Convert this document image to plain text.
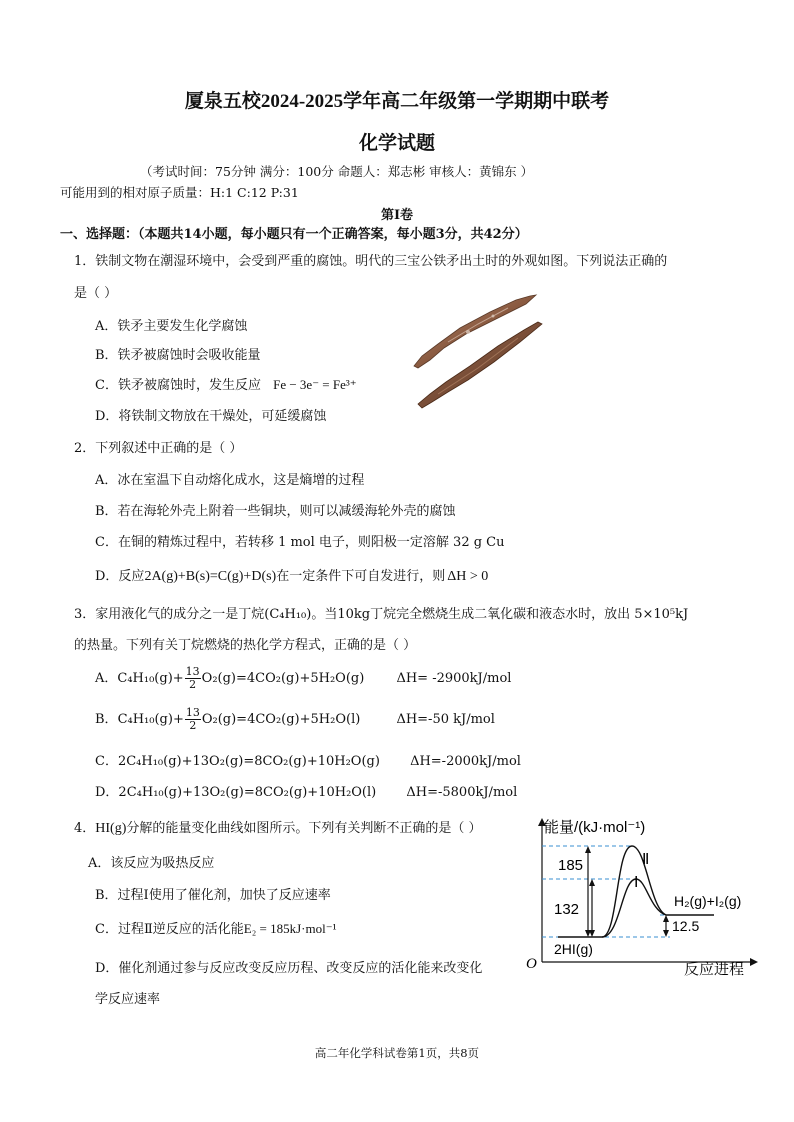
厦泉五校2024-2025学年高二年级第一学期期中联考
化学试题
（考试时间：75分钟 满分：100分 命题人：郑志彬 审核人：黄锦东 ）
可能用到的相对原子质量：H:1 C:12 P:31
第Ⅰ卷
一、选择题：（本题共14小题，每小题只有一个正确答案，每小题3分，共42分）
1．铁制文物在潮湿环境中，会受到严重的腐蚀。明代的三宝公铁矛出土时的外观如图。下列说法正确的
是（ ）
A．铁矛主要发生化学腐蚀
B．铁矛被腐蚀时会吸收能量
C．铁矛被腐蚀时，发生反应 Fe − 3e⁻ = Fe³⁺
D．将铁制文物放在干燥处，可延缓腐蚀
2．下列叙述中正确的是（ ）
A．冰在室温下自动熔化成水，这是熵增的过程
B．若在海轮外壳上附着一些铜块，则可以减缓海轮外壳的腐蚀
C．在铜的精炼过程中，若转移 1 mol 电子，则阳极一定溶解 32 g Cu
D．反应2A(g)+B(s)=C(g)+D(s)在一定条件下可自发进行，则 ΔH > 0
3．家用液化气的成分之一是丁烷(C₄H₁₀)。当10kg丁烷完全燃烧生成二氧化碳和液态水时，放出 5×10⁵kJ
的热量。下列有关丁烷燃烧的热化学方程式，正确的是（ ）
A．$C_4H_{10}(g)+ \frac{13}{2} O_2(g)=4CO_2(g)+5H_2O(g)$ ΔH= -2900kJ/mol
B．$C_4H_{10}(g)+ \frac{13}{2} O_2(g)=4CO_2(g)+5H_2O(l)$	ΔH=-50 kJ/mol
C．2C₄H₁₀(g)+13O₂(g)=8CO₂(g)+10H₂O(g) ΔH=-2000kJ/mol
D．2C₄H₁₀(g)+13O₂(g)=8CO₂(g)+10H₂O(l) ΔH=-5800kJ/mol
4．HI(g)分解的能量变化曲线如图所示。下列有关判断不正确的是（ ）
A．该反应为吸热反应
B．过程Ⅰ使用了催化剂，加快了反应速率
C．过程Ⅱ逆反应的活化能E₂ = 185kJ·mol⁻¹
D．催化剂通过参与反应改变反应历程、改变反应的活化能来改变化
学反应速率
能量/(kJ·mol⁻¹)
反应进程
O
Ⅱ
Ⅰ
185
132
12.5
2HI(g)
H₂(g)+I₂(g)
高二年化学科试卷第1页，共8页
